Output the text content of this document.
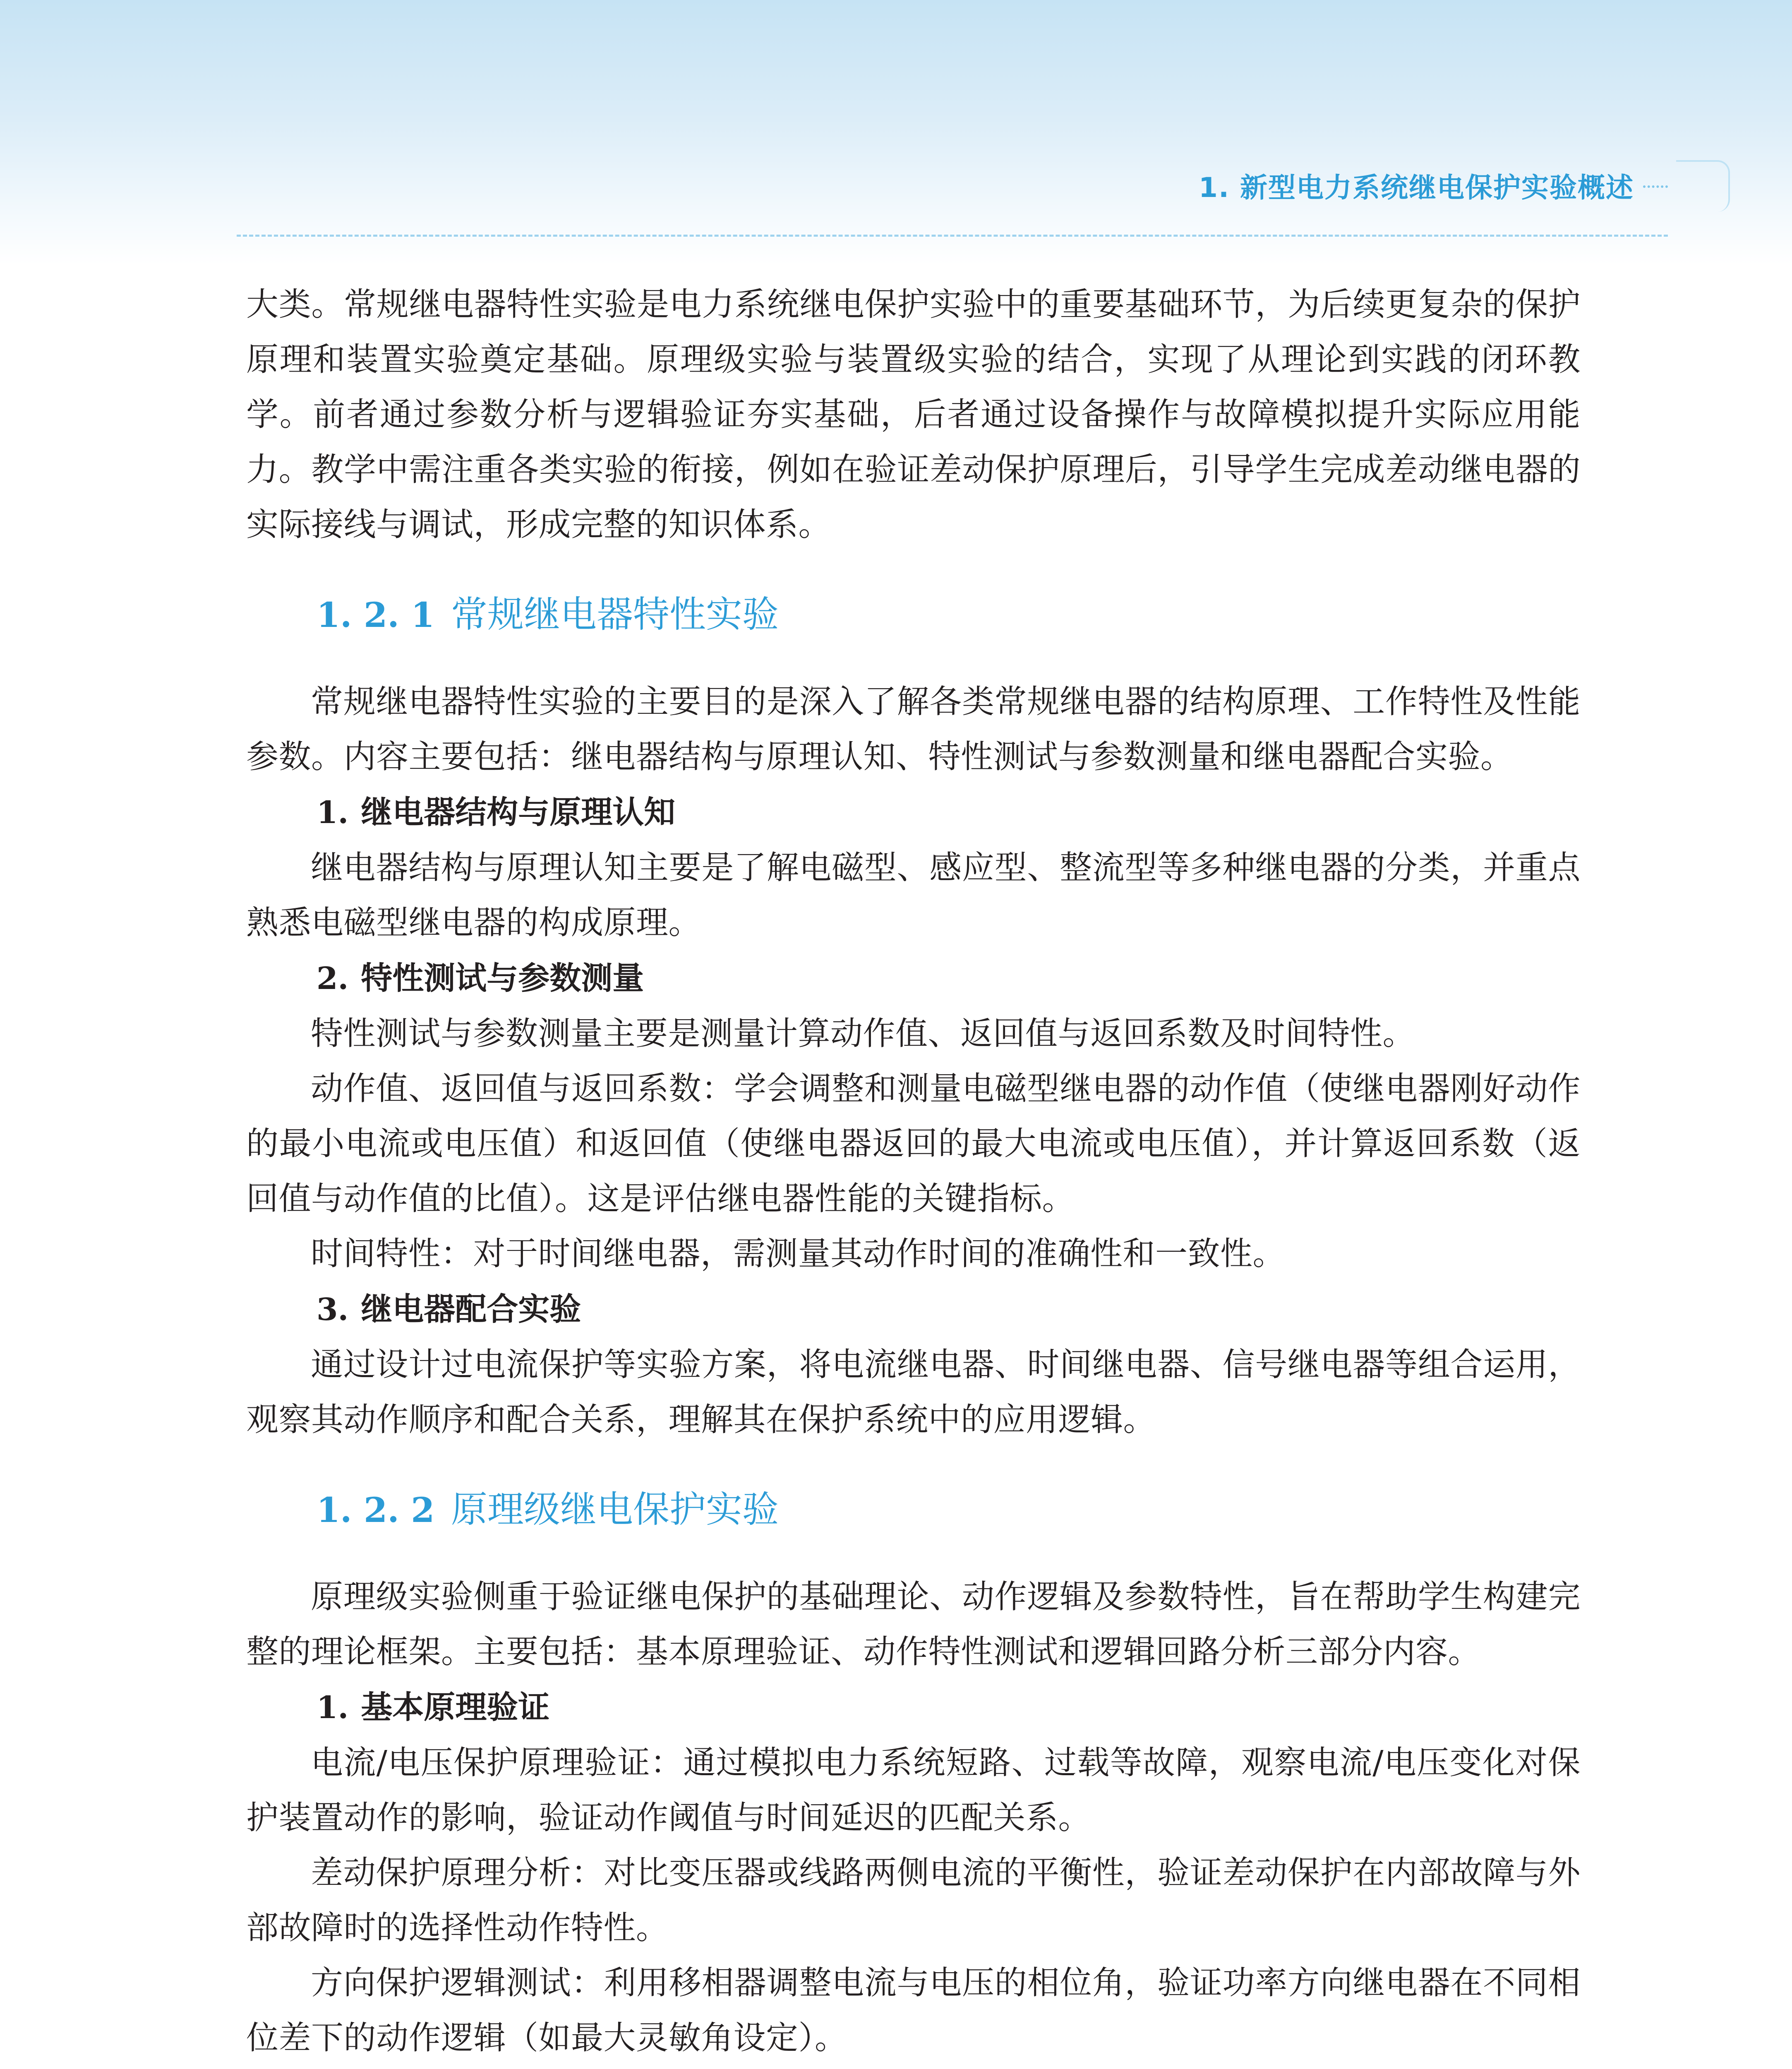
1. 新型电力系统继电保护实验概述

大类。常规继电器特性实验是电力系统继电保护实验中的重要基础环节，为后续更复杂的保护原理和装置实验奠定基础。原理级实验与装置级实验的结合，实现了从理论到实践的闭环教学。前者通过参数分析与逻辑验证夯实基础，后者通过设备操作与故障模拟提升实际应用能力。教学中需注重各类实验的衔接，例如在验证差动保护原理后，引导学生完成差动继电器的实际接线与调试，形成完整的知识体系。

1. 2. 1 常规继电器特性实验

常规继电器特性实验的主要目的是深入了解各类常规继电器的结构原理、工作特性及性能参数。内容主要包括：继电器结构与原理认知、特性测试与参数测量和继电器配合实验。

1. 继电器结构与原理认知

继电器结构与原理认知主要是了解电磁型、感应型、整流型等多种继电器的分类，并重点熟悉电磁型继电器的构成原理。

2. 特性测试与参数测量

特性测试与参数测量主要是测量计算动作值、返回值与返回系数及时间特性。

动作值、返回值与返回系数：学会调整和测量电磁型继电器的动作值（使继电器刚好动作的最小电流或电压值）和返回值（使继电器返回的最大电流或电压值），并计算返回系数（返回值与动作值的比值）。这是评估继电器性能的关键指标。

时间特性：对于时间继电器，需测量其动作时间的准确性和一致性。

3. 继电器配合实验

通过设计过电流保护等实验方案，将电流继电器、时间继电器、信号继电器等组合运用，观察其动作顺序和配合关系，理解其在保护系统中的应用逻辑。

1. 2. 2 原理级继电保护实验

原理级实验侧重于验证继电保护的基础理论、动作逻辑及参数特性，旨在帮助学生构建完整的理论框架。主要包括：基本原理验证、动作特性测试和逻辑回路分析三部分内容。

1. 基本原理验证

电流/电压保护原理验证：通过模拟电力系统短路、过载等故障，观察电流/电压变化对保护装置动作的影响，验证动作阈值与时间延迟的匹配关系。

差动保护原理分析：对比变压器或线路两侧电流的平衡性，验证差动保护在内部故障与外部故障时的选择性动作特性。

方向保护逻辑测试：利用移相器调整电流与电压的相位角，验证功率方向继电器在不同相位差下的动作逻辑（如最大灵敏角设定）。
